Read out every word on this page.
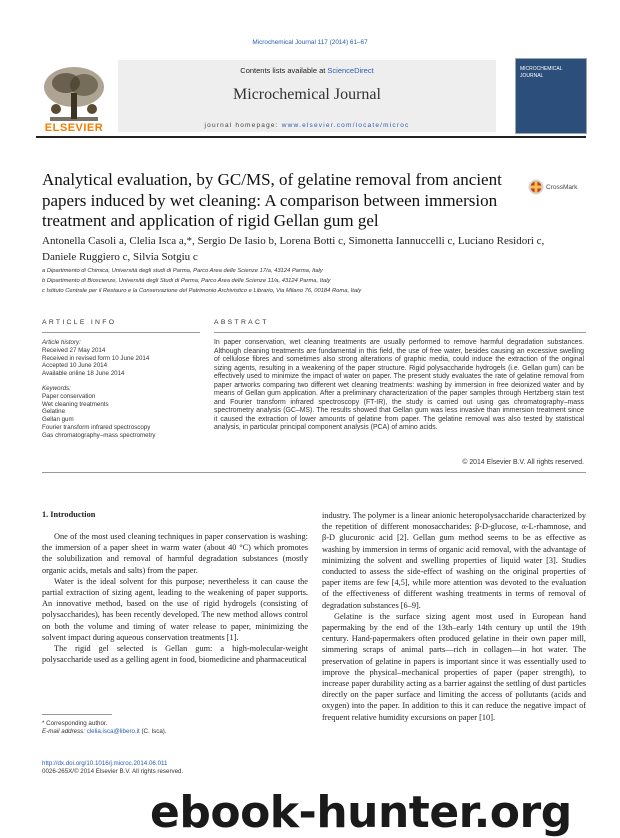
Microchemical Journal 117 (2014) 61–67
Contents lists available at ScienceDirect
Microchemical Journal
journal homepage: www.elsevier.com/locate/microc
ELSEVIER
MICROCHEMICAL JOURNAL
Analytical evaluation, by GC/MS, of gelatine removal from ancient papers induced by wet cleaning: A comparison between immersion treatment and application of rigid Gellan gum gel
CrossMark
Antonella Casoli a, Clelia Isca a,*, Sergio De Iasio b, Lorena Botti c, Simonetta Iannuccelli c, Luciano Residori c,
Daniele Ruggiero c, Silvia Sotgiu c
a Dipartimento di Chimica, Università degli studi di Parma, Parco Area delle Scienze 17/a, 43124 Parma, Italy
b Dipartimento di Bioscienze, Università degli Studi di Parma, Parco Area delle Scienze 11/a, 43124 Parma, Italy
c Istituto Centrale per il Restauro e la Conservazione del Patrimonio Archivistico e Librario, Via Milano 76, 00184 Roma, Italy
ARTICLE INFO	ABSTRACT
Article history:
Received 27 May 2014
Received in revised form 10 June 2014
Accepted 10 June 2014
Available online 18 June 2014
Keywords:
Paper conservation
Wet cleaning treatments
Gelatine
Gellan gum
Fourier transform infrared spectroscopy
Gas chromatography–mass spectrometry
In paper conservation, wet cleaning treatments are usually performed to remove harmful degradation substances. Although cleaning treatments are fundamental in this field, the use of free water, besides causing an excessive swelling of cellulose fibres and sometimes also strong alterations of graphic media, could induce the extraction of the original sizing agents, resulting in a weakening of the paper structure. Rigid polysaccharide hydrogels (i.e. Gellan gum) can be effectively used to minimize the impact of water on paper. The present study evaluates the rate of gelatine removal from paper artworks comparing two different wet cleaning treatments: washing by immersion in free deionized water and by means of Gellan gum application. After a preliminary characterization of the paper samples through Hertzberg stain test and Fourier transform infrared spectroscopy (FT-IR), the study is carried out using gas chromatography–mass spectrometry analysis (GC–MS). The results showed that Gellan gum was less invasive than immersion treatment since it caused the extraction of lower amounts of gelatine from paper. The gelatine removal was also tested by statistical analysis, in particular principal component analysis (PCA) of amino acids.
© 2014 Elsevier B.V. All rights reserved.
1. Introduction

One of the most used cleaning techniques in paper conservation is washing: the immersion of a paper sheet in warm water (about 40 °C) which promotes the solubilization and removal of harmful degradation substances (mostly organic acids, metals and salts) from the paper.

Water is the ideal solvent for this purpose; nevertheless it can cause the partial extraction of sizing agent, leading to the weakening of paper supports. An innovative method, based on the use of rigid hydrogels (consisting of polysaccharides), has been recently developed. The new method allows control on both the volume and timing of water release to paper, minimizing the solvent impact during aqueous conservation treatments [1].

The rigid gel selected is Gellan gum: a high-molecular-weight polysaccharide used as a gelling agent in food, biomedicine and pharmaceutical

industry. The polymer is a linear anionic heteropolysaccharide characterized by the repetition of different monosaccharides: β-D-glucose, α-L-rhamnose, and β-D glucuronic acid [2]. Gellan gum method seems to be as effective as washing by immersion in terms of organic acid removal, with the advantage of minimizing the solvent and swelling properties of liquid water [3]. Studies conducted to assess the side-effect of washing on the original properties of paper items are few [4,5], while more attention was devoted to the evaluation of the effectiveness of different washing treatments in terms of removal of degradation substances [6–9].

Gelatine is the surface sizing agent most used in European hand papermaking by the end of the 13th–early 14th century up until the 19th century. Hand-papermakers often produced gelatine in their own paper mill, simmering scraps of animal parts—rich in collagen—in hot water. The preservation of gelatine in papers is important since it was essentially used to improve the physical–mechanical properties of paper (paper strength), to increase paper durability acting as a barrier against the settling of dust particles directly on the paper surface and limiting the access of pollutants (acids and oxygen) into the paper. In addition to this it can reduce the negative impact of frequent relative humidity excursions on paper [10].

* Corresponding author.
E-mail address: clelia.isca@libero.it (C. Isca).
http://dx.doi.org/10.1016/j.microc.2014.06.011
0026-265X/© 2014 Elsevier B.V. All rights reserved.
ebook-hunter.org
